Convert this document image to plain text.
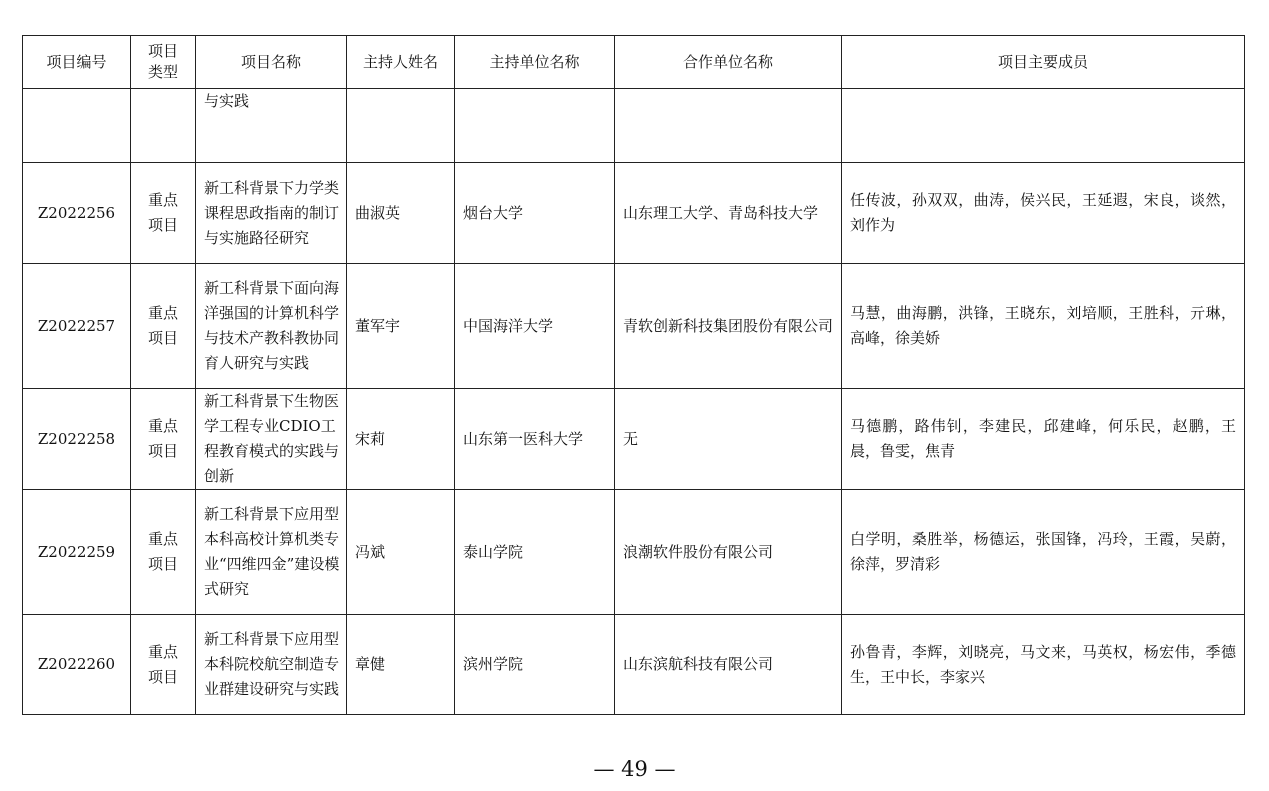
项目编号	项目类型	项目名称	主持人姓名	主持单位名称	合作单位名称	项目主要成员
		与实践				
Z2022256	重点项目	新工科背景下力学类课程思政指南的制订与实施路径研究	曲淑英	烟台大学	山东理工大学、青岛科技大学	任传波，孙双双，曲涛，侯兴民，王延遐，宋良，谈然，刘作为
Z2022257	重点项目	新工科背景下面向海洋强国的计算机科学与技术产教科教协同育人研究与实践	董军宇	中国海洋大学	青软创新科技集团股份有限公司	马慧，曲海鹏，洪锋，王晓东，刘培顺，王胜科，亓琳，高峰，徐美娇
Z2022258	重点项目	新工科背景下生物医学工程专业CDIO工程教育模式的实践与创新	宋莉	山东第一医科大学	无	马德鹏，路伟钊，李建民，邱建峰，何乐民，赵鹏，王晨，鲁雯，焦青
Z2022259	重点项目	新工科背景下应用型本科高校计算机类专业“四维四金”建设模式研究	冯斌	泰山学院	浪潮软件股份有限公司	白学明，桑胜举，杨德运，张国锋，冯玲，王霞，吴蔚，徐萍，罗清彩
Z2022260	重点项目	新工科背景下应用型本科院校航空制造专业群建设研究与实践	章健	滨州学院	山东滨航科技有限公司	孙鲁青，李辉，刘晓亮，马文来，马英权，杨宏伟，季德生，王中长，李家兴
— 49 —
